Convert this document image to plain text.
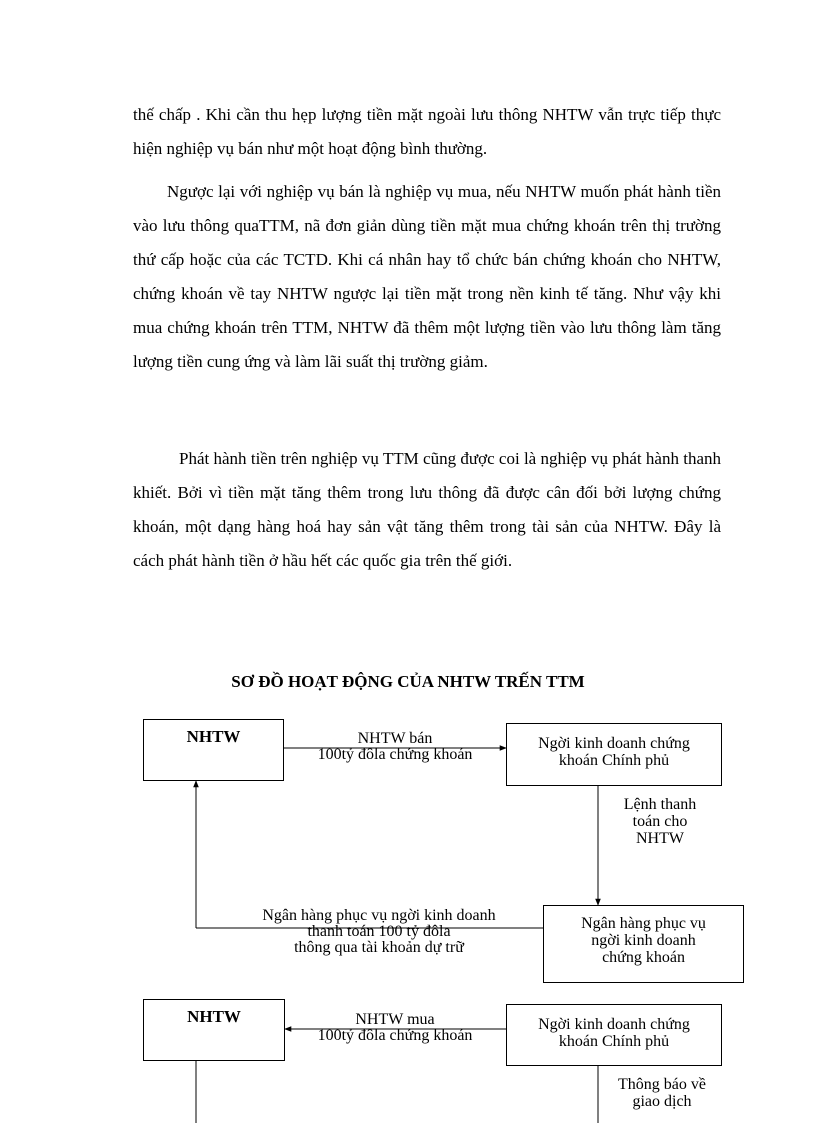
thế chấp . Khi cần thu hẹp lượng tiền mặt ngoài lưu thông NHTW vẫn trực tiếp thực hiện nghiệp vụ bán như một hoạt động bình thường.

Ngược lại với nghiệp vụ bán là nghiệp vụ mua, nếu NHTW muốn phát hành tiền vào lưu thông quaTTM, nã đơn giản dùng tiền mặt mua chứng khoán trên thị trường thứ cấp hoặc của các TCTD. Khi cá nhân hay tổ chức bán chứng khoán cho NHTW, chứng khoán về tay NHTW ngược lại tiền mặt trong nền kinh tế tăng. Như vậy khi mua chứng khoán trên TTM, NHTW đã thêm một lượng tiền vào lưu thông làm tăng lượng tiền cung ứng và làm lãi suất thị trường giảm.

Phát hành tiền trên nghiệp vụ TTM cũng được coi là nghiệp vụ phát hành thanh khiết. Bởi vì tiền mặt tăng thêm trong lưu thông đã được cân đối bởi lượng chứng khoán, một dạng hàng hoá hay sản vật tăng thêm trong tài sản của NHTW. Đây là cách phát hành tiền ở hầu hết các quốc gia trên thế giới.

SƠ ĐỒ HOẠT ĐỘNG CỦA NHTW TRẾN TTM
NHTW	Ngời kinh doanh chứng
khoán Chính phủ
Ngân hàng phục vụ
ngời kinh doanh
chứng khoán
NHTW bán
100tỷ đôla chứng khoán
Lệnh thanh
toán cho
NHTW
Ngân hàng phục vụ ngời kinh doanh
thanh toán 100 tỷ đôla
thông qua tài khoản dự trữ
NHTW	Ngời kinh doanh chứng
khoán Chính phủ
NHTW mua
100tỷ đôla chứng khoán
Thông báo về
giao dịch
